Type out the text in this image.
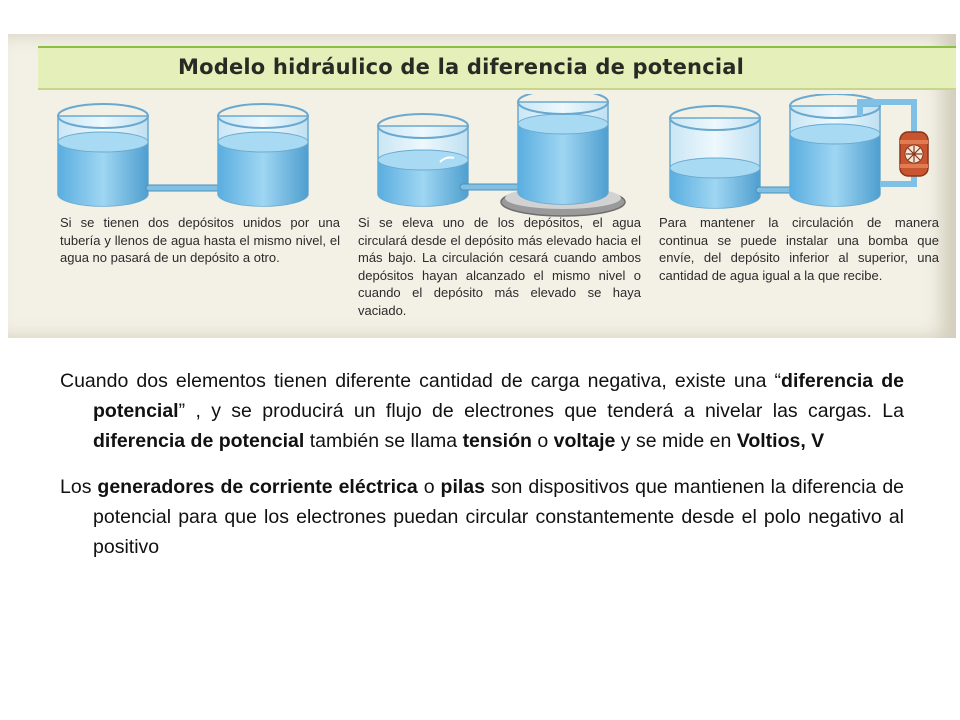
Modelo hidráulico de la diferencia de potencial

Si se tienen dos depósitos unidos por una tubería y llenos de agua hasta el mismo nivel, el agua no pasará de un depósito a otro.

Si se eleva uno de los depósitos, el agua circulará desde el depósito más elevado hacia el más bajo. La circulación cesará cuando ambos depósitos hayan alcanzado el mismo nivel o cuando el depósito más elevado se haya vaciado.

Para mantener la circulación de manera continua se puede instalar una bomba que envíe, del depósito inferior al superior, una cantidad de agua igual a la que recibe.

Cuando dos elementos tienen diferente cantidad de carga negativa, existe una “diferencia de potencial” , y se producirá un flujo de electrones que tenderá a nivelar las cargas. La diferencia de potencial también se llama tensión o voltaje y se mide en Voltios, V

Los generadores de corriente eléctrica o pilas son dispositivos que mantienen la diferencia de potencial para que los electrones puedan circular constantemente desde el polo negativo al positivo
